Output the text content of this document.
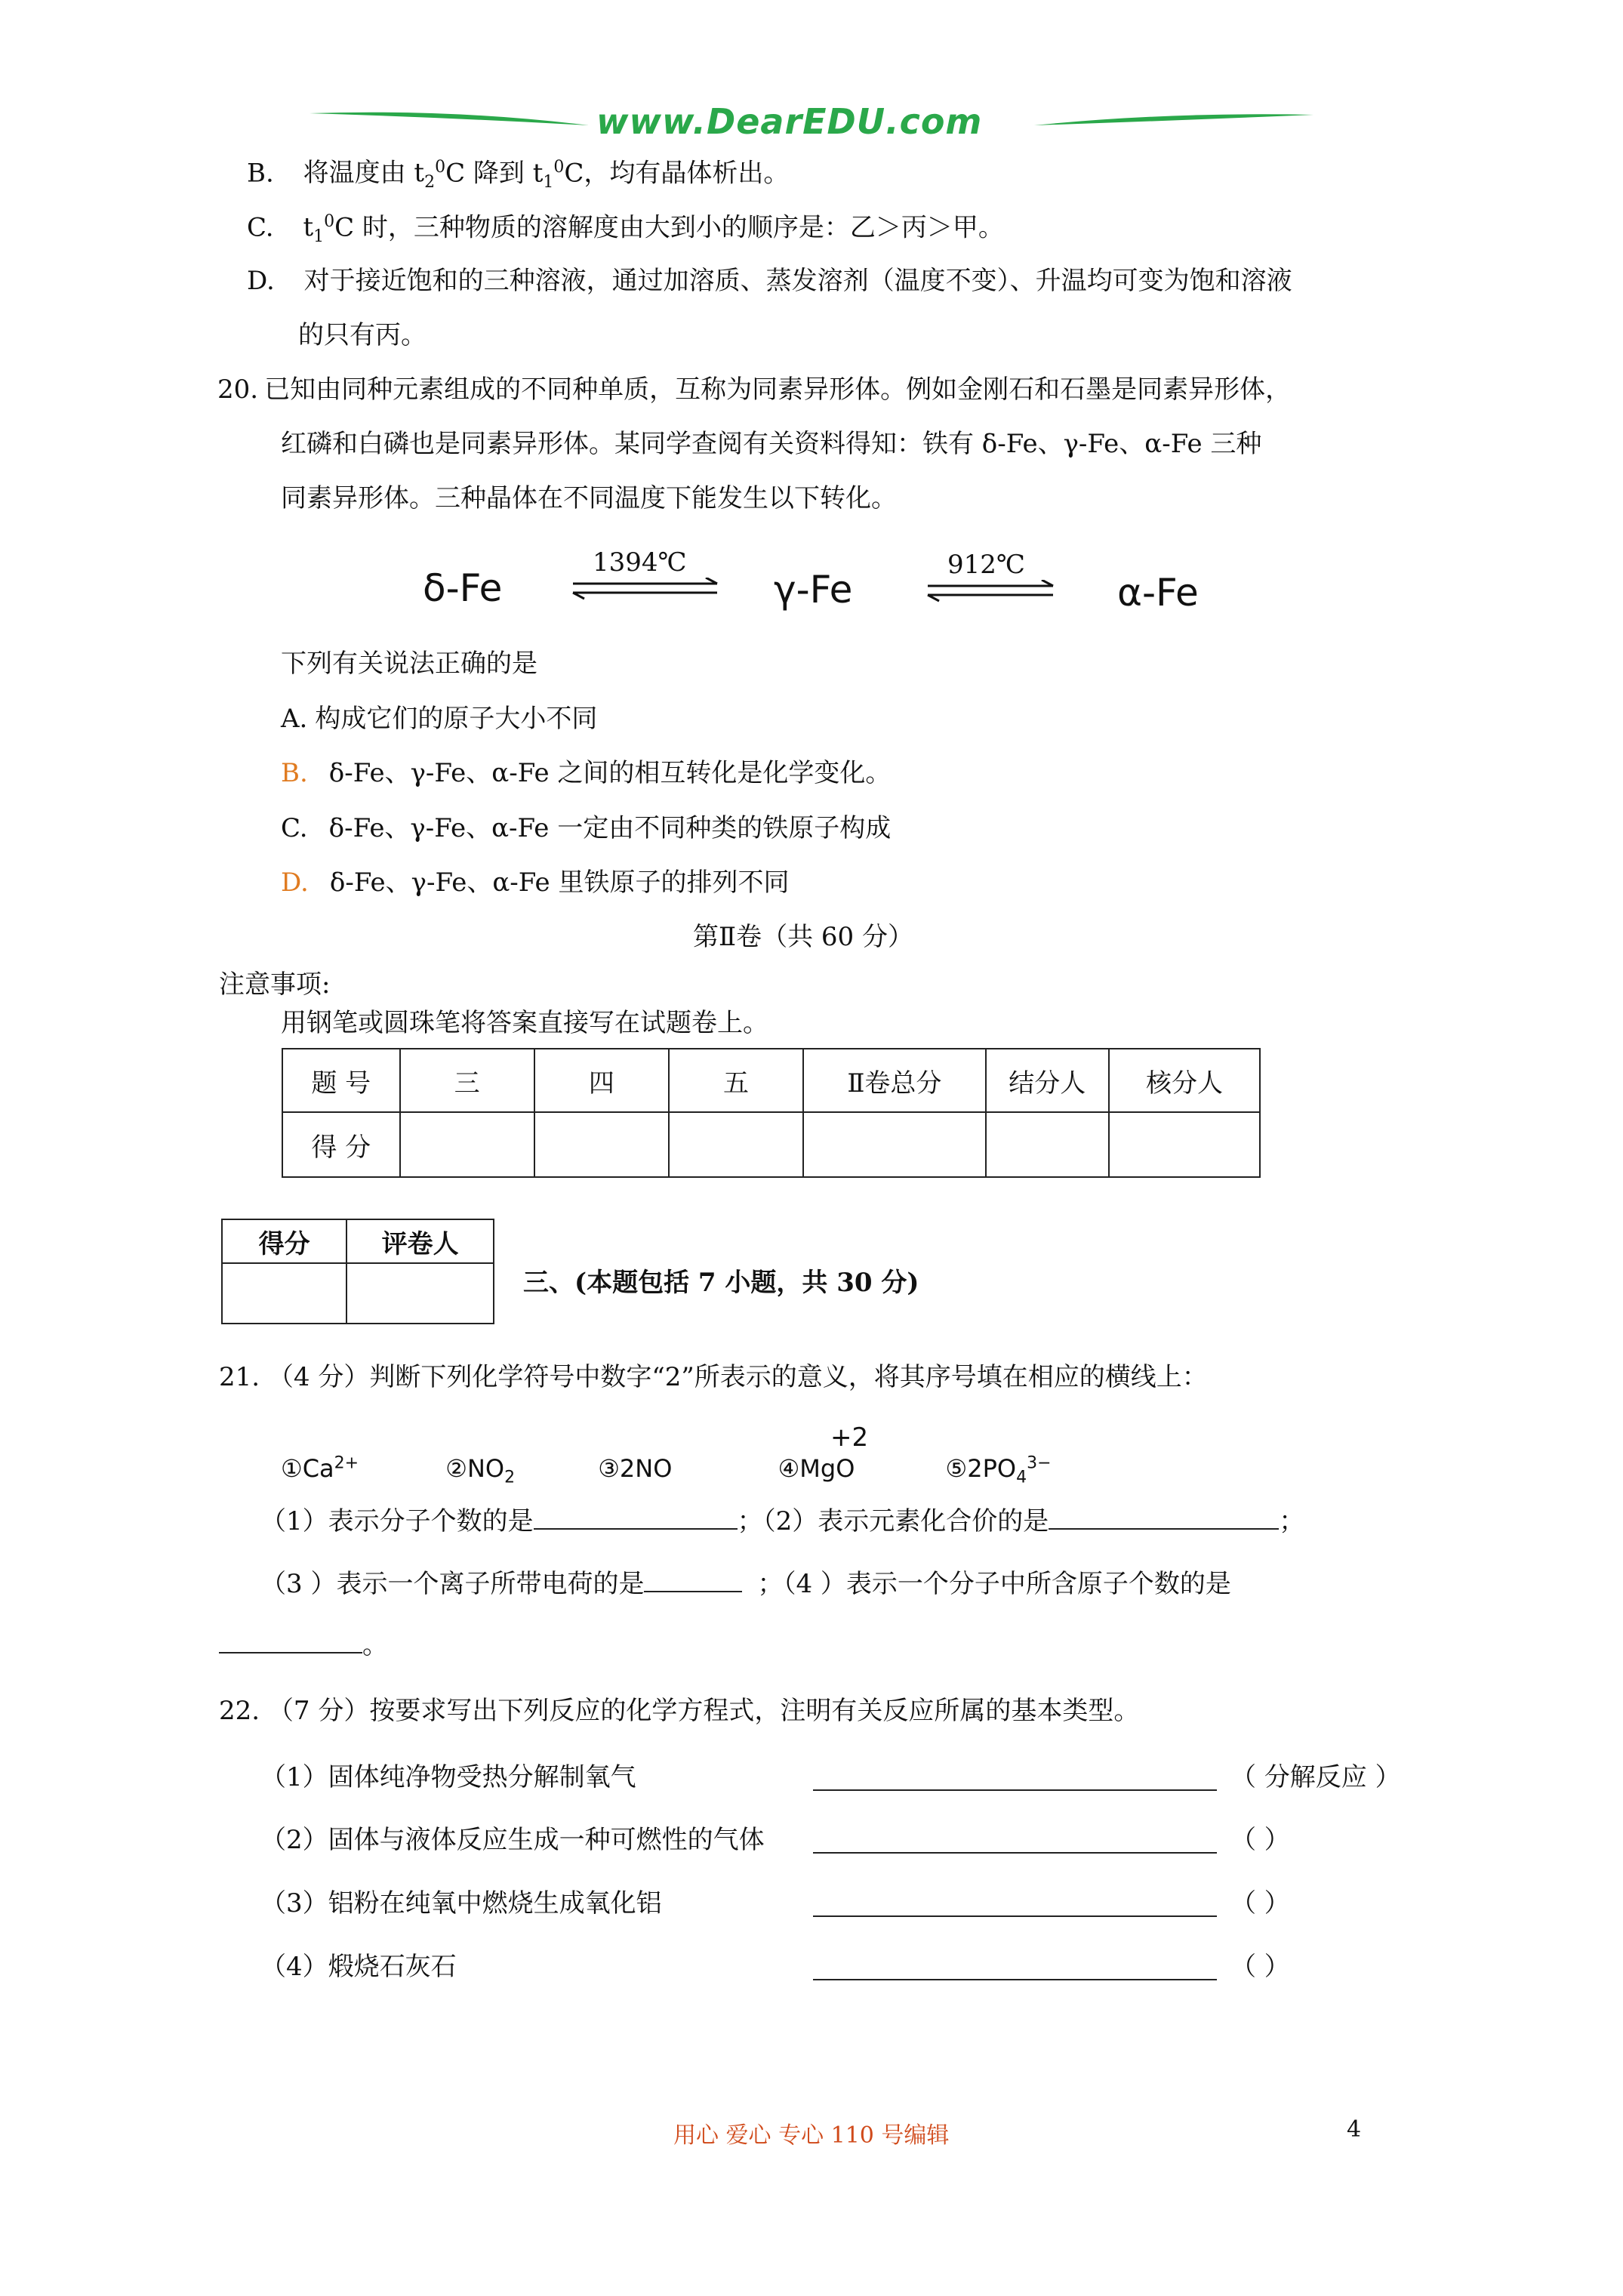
www.DearEDU.com
B. 将温度由 $t_2^0C$ 降到 $t_1^0C$，均有晶体析出。
C. $t_1^0C$ 时，三种物质的溶解度由大到小的顺序是：乙＞丙＞甲。
D. 对于接近饱和的三种溶液，通过加溶质、蒸发溶剂（温度不变）、升温均可变为饱和溶液
的只有丙。
20. 已知由同种元素组成的不同种单质，互称为同素异形体。例如金刚石和石墨是同素异形体，
红磷和白磷也是同素异形体。某同学查阅有关资料得知：铁有 δ-Fe、γ-Fe、α-Fe 三种
同素异形体。三种晶体在不同温度下能发生以下转化。
δ-Fe
1394℃
γ-Fe
912℃
α-Fe
下列有关说法正确的是
A. 构成它们的原子大小不同
B. δ-Fe、γ-Fe、α-Fe 之间的相互转化是化学变化。
C. δ-Fe、γ-Fe、α-Fe 一定由不同种类的铁原子构成
D. δ-Fe、γ-Fe、α-Fe 里铁原子的排列不同
第Ⅱ卷（共 60 分）
注意事项:
用钢笔或圆珠笔将答案直接写在试题卷上。
题 号	三	四	五	Ⅱ卷总分	结分人	核分人
得 分						
得分	评卷人

三、(本题包括 7 小题，共 30 分)
21. （4 分）判断下列化学符号中数字“2”所表示的意义，将其序号填在相应的横线上：
+2
$①Ca^{2+}$	$②NO_2$	③2NO	④MgO	$⑤2PO_4^{3-}$
（1）表示分子个数的是	；（2）表示元素化合价的是	；
（3 ）表示一个离子所带电荷的是	；（4 ）表示一个分子中所含原子个数的是
。
22. （7 分）按要求写出下列反应的化学方程式，注明有关反应所属的基本类型。
（1）固体纯净物受热分解制氧气	（ 分解反应 ）
（2）固体与液体反应生成一种可燃性的气体	（ ）
（3）铝粉在纯氧中燃烧生成氧化铝	（ ）
（4）煅烧石灰石	（ ）
用心 爱心 专心 110 号编辑	4
